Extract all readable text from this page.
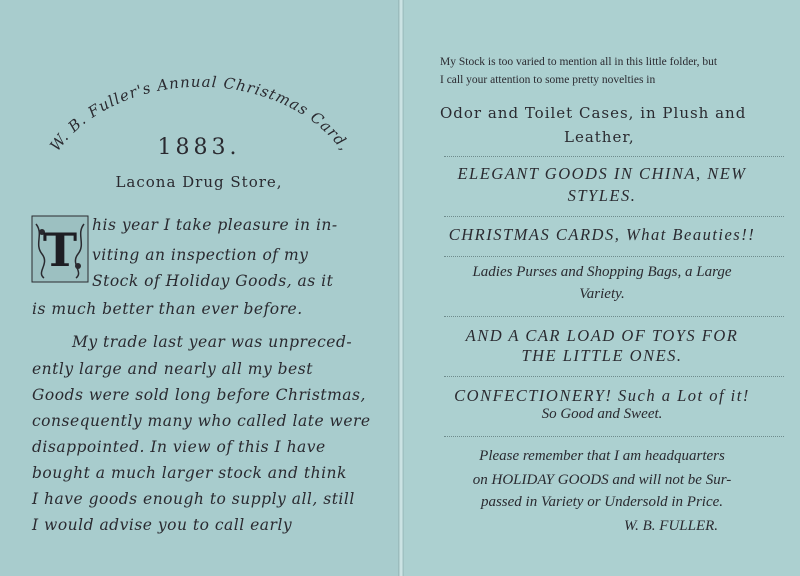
W. B. Fuller's Annual Christmas Card,
1883.
Lacona Drug Store,
T his year I take pleasure in in-
viting an inspection of my
Stock of Holiday Goods, as it
is much better than ever before.
My trade last year was unpreced-
ently large and nearly all my best
Goods were sold long before Christmas,
consequently many who called late were
disappointed. In view of this I have
bought a much larger stock and think
I have goods enough to supply all, still
I would advise you to call early
My Stock is too varied to mention all in this little folder, but
I call your attention to some pretty novelties in
Odor and Toilet Cases, in Plush and
Leather,
ELEGANT GOODS IN CHINA, NEW
STYLES.
CHRISTMAS CARDS, What Beauties!!
Ladies Purses and Shopping Bags, a Large
Variety.
AND A CAR LOAD OF TOYS FOR
THE LITTLE ONES.
CONFECTIONERY! Such a Lot of it!
So Good and Sweet.
Please remember that I am headquarters
on HOLIDAY GOODS and will not be Sur-
passed in Variety or Undersold in Price.
W. B. FULLER.
